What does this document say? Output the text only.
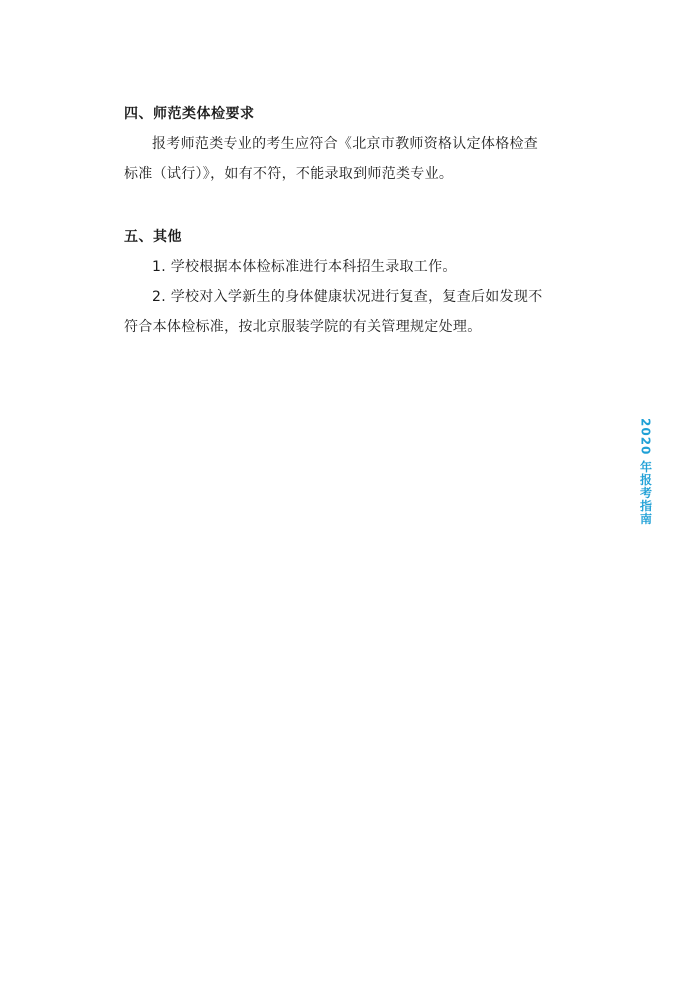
四、师范类体检要求
报考师范类专业的考生应符合《北京市教师资格认定体格检查
标准（试行）》，如有不符，不能录取到师范类专业。
五、其他
1. 学校根据本体检标准进行本科招生录取工作。
2. 学校对入学新生的身体健康状况进行复查，复查后如发现不
符合本体检标准，按北京服装学院的有关管理规定处理。
2020 年报考指南
